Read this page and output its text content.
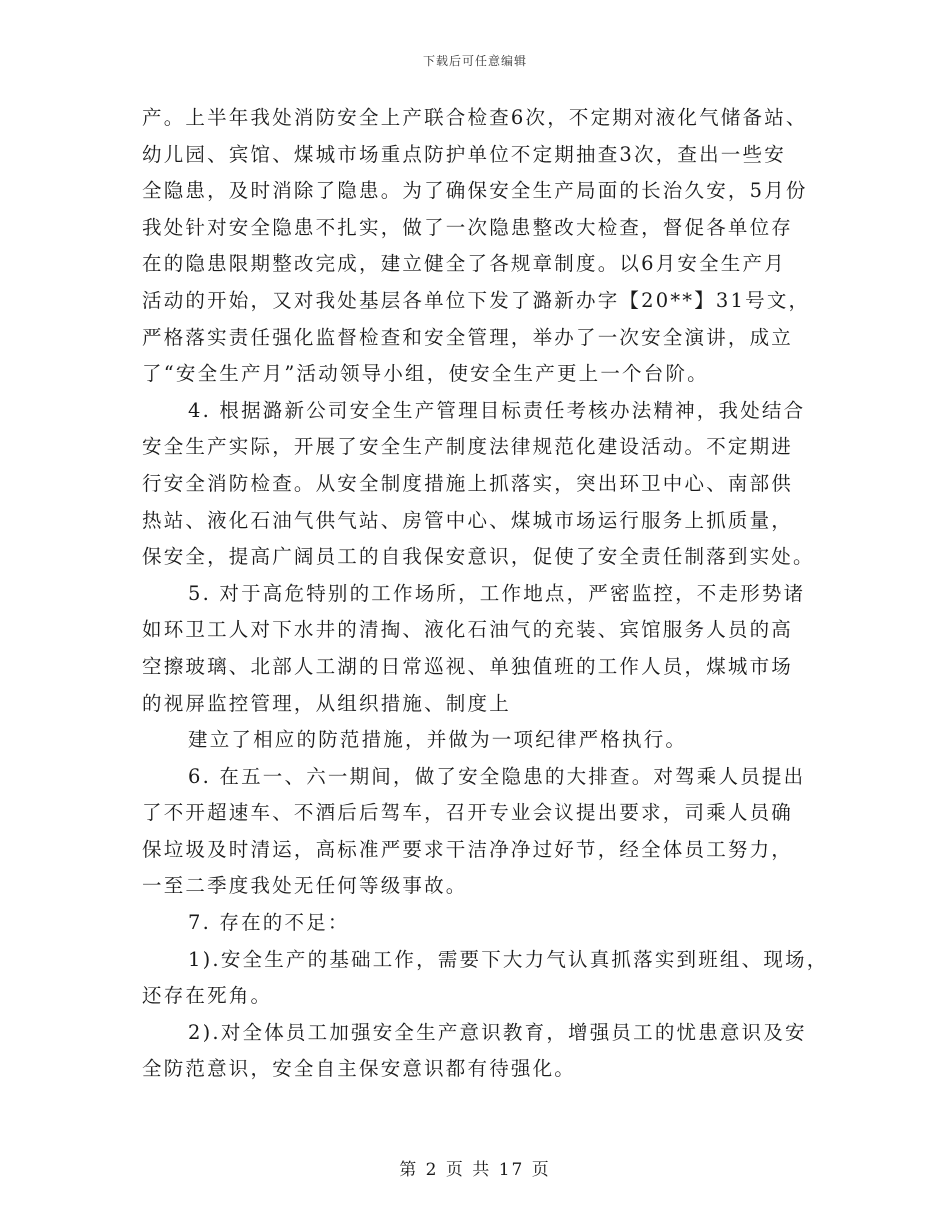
下载后可任意编辑
产。上半年我处消防安全上产联合检查6次，不定期对液化气储备站、
幼儿园、宾馆、煤城市场重点防护单位不定期抽查3次，查出一些安
全隐患，及时消除了隐患。为了确保安全生产局面的长治久安，5月份
我处针对安全隐患不扎实，做了一次隐患整改大检查，督促各单位存
在的隐患限期整改完成，建立健全了各规章制度。以6月安全生产月
活动的开始，又对我处基层各单位下发了潞新办字【20**】31号文，
严格落实责任强化监督检查和安全管理，举办了一次安全演讲，成立
了“安全生产月”活动领导小组，使安全生产更上一个台阶。
4. 根据潞新公司安全生产管理目标责任考核办法精神，我处结合
安全生产实际，开展了安全生产制度法律规范化建设活动。不定期进
行安全消防检查。从安全制度措施上抓落实，突出环卫中心、南部供
热站、液化石油气供气站、房管中心、煤城市场运行服务上抓质量，
保安全，提高广阔员工的自我保安意识，促使了安全责任制落到实处。
5. 对于高危特别的工作场所，工作地点，严密监控，不走形势诸
如环卫工人对下水井的清掏、液化石油气的充装、宾馆服务人员的高
空擦玻璃、北部人工湖的日常巡视、单独值班的工作人员，煤城市场
的视屏监控管理，从组织措施、制度上
建立了相应的防范措施，并做为一项纪律严格执行。
6. 在五一、六一期间，做了安全隐患的大排查。对驾乘人员提出
了不开超速车、不酒后后驾车，召开专业会议提出要求，司乘人员确
保垃圾及时清运，高标准严要求干洁净净过好节，经全体员工努力，
一至二季度我处无任何等级事故。
7. 存在的不足：
1).安全生产的基础工作，需要下大力气认真抓落实到班组、现场，
还存在死角。
2).对全体员工加强安全生产意识教育，增强员工的忧患意识及安
全防范意识，安全自主保安意识都有待强化。
第 2 页 共 17 页
